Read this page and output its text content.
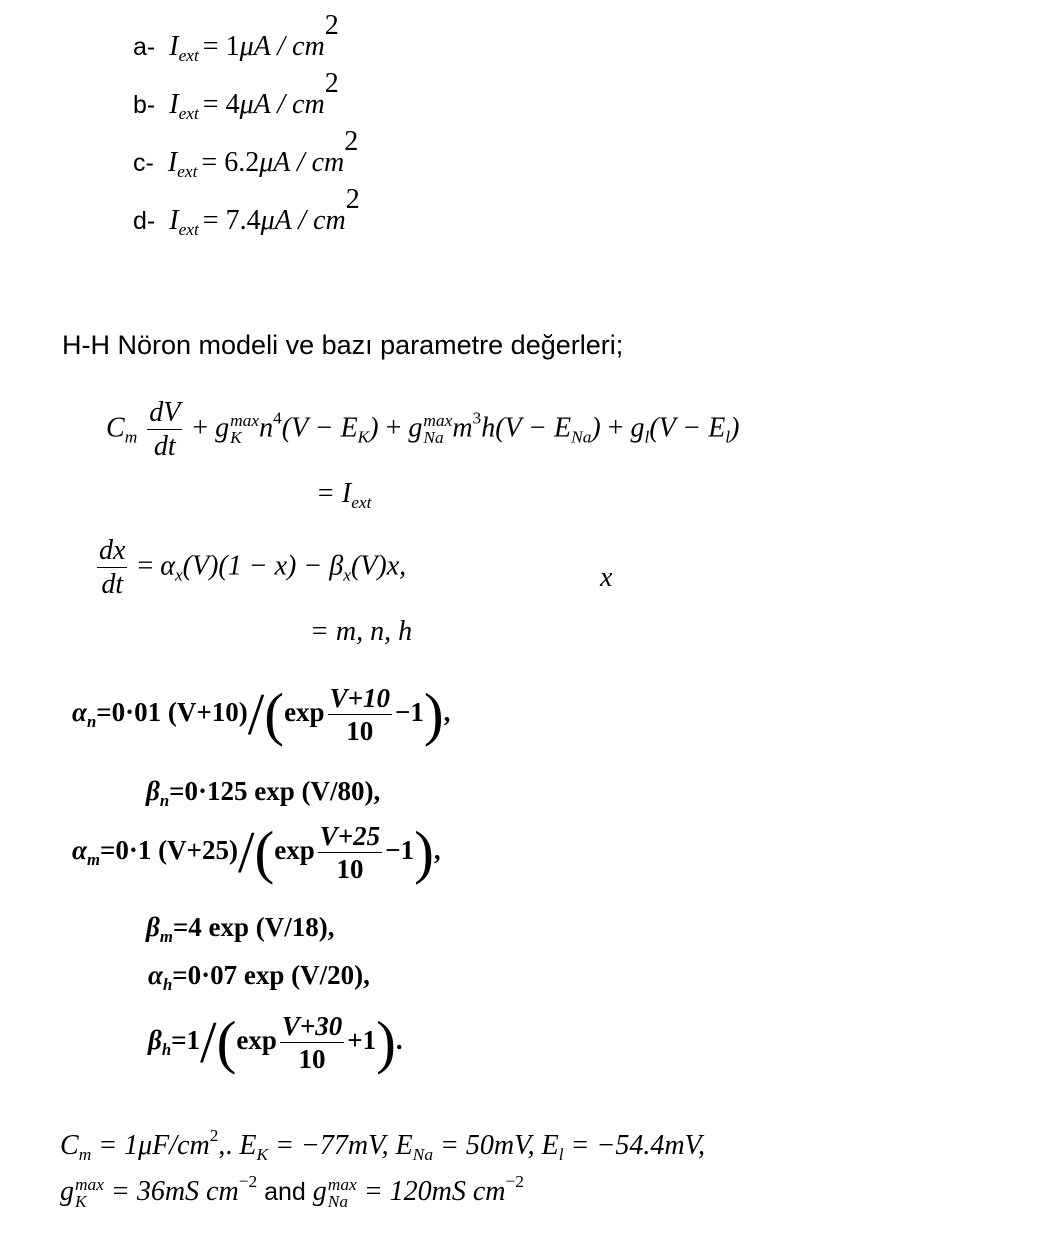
a- $I_{ext} = 1\mu A / cm2$
b- $I_{ext} = 4\mu A / cm2$
c- $I_{ext} = 6.2\mu A / cm2$
d- $I_{ext} = 7.4\mu A / cm2$
H-H Nöron modeli ve bazı parametre değerleri;
$C_m \frac{dV}{dt} + g$ max
K $n^4(V - E_K) + g$ max
Na $m^3h(V - E_{Na}) + g_l(V - E_l)$
= $I_{ext}$
$\frac{dx}{dt} = \alpha_x(V)(1 - x) - \beta_x(V)x$,	x
= m, n, h
$\alpha_n=0\cdot 01$ $(V+10)/(\exp \frac{V+10}{10} -1)$,
$\beta_n=0\cdot 125$ exp (V/80),
$\alpha_m=0\cdot 1$ $(V+25)/(\exp \frac{V+25}{10} -1)$,
$\beta_m=4$ exp (V/18),
$\alpha_h=0\cdot 07$ exp (V/20),
$\beta_h=1/(\exp \frac{V+30}{10} +1)$.
$C_m = 1\mu F/cm^2$,. $E_K = -77mV$, $E_{Na} = 50mV$, $E_l = -54.4mV$,
g max
K = 36mS $cm^{-2}$ and g max
Na = 120mS $cm^{-2}$
